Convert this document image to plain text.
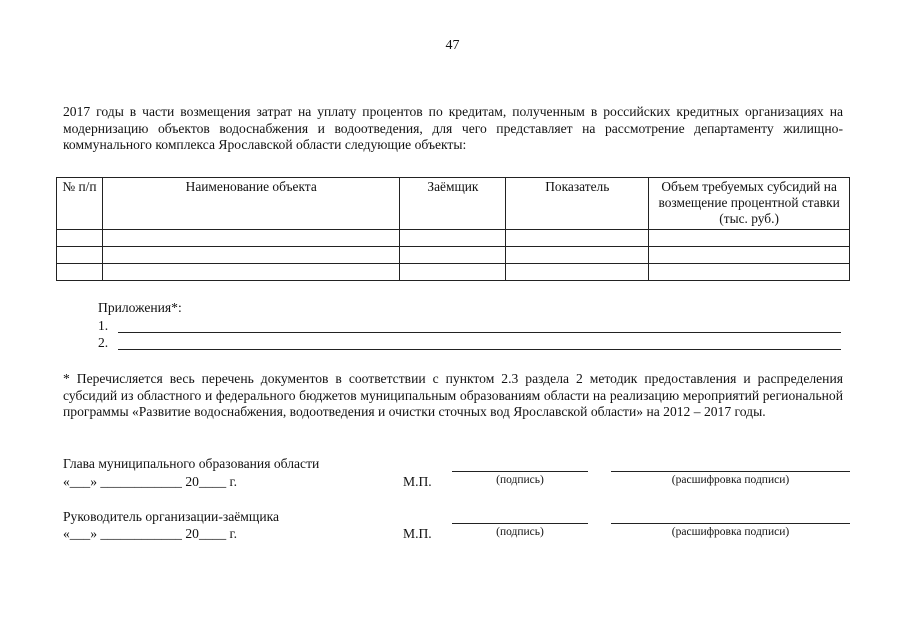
47
2017 годы в части возмещения затрат на уплату процентов по кредитам, полученным в российских кредитных организациях на модернизацию объектов водоснабжения и водоотведения, для чего представляет на рассмотрение департаменту жилищно-коммунального комплекса Ярославской области следующие объекты:
№ п/п	Наименование объекта	Заёмщик	Показатель	Объем требуемых субсидий на возмещение процентной ставки (тыс. руб.)

Приложения*:
1.
2.
* Перечисляется весь перечень документов в соответствии с пунктом 2.3 раздела 2 методик предоставления и распределения субсидий из областного и федерального бюджетов муниципальным образованиям области на реализацию мероприятий региональной программы «Развитие водоснабжения, водоотведения и очистки сточных вод Ярославской области» на 2012 – 2017 годы.
Глава муниципального образования области
«___» ____________ 20____ г.	М.П.	(подпись)	(расшифровка подписи)
Руководитель организации-заёмщика
«___» ____________ 20____ г.	М.П.	(подпись)	(расшифровка подписи)
